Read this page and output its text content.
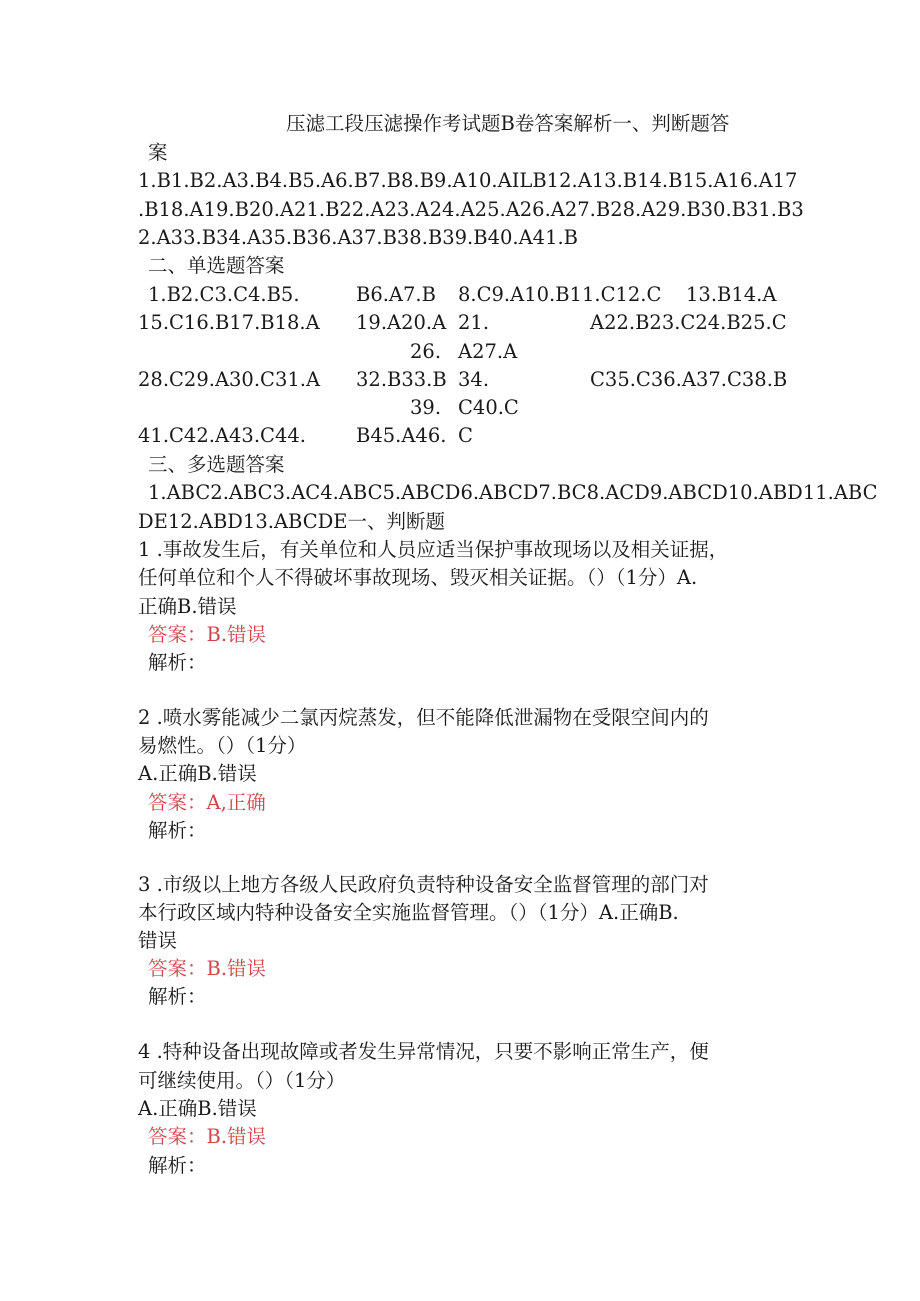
压滤工段压滤操作考试题B卷答案解析一、判断题答
案
1.B1.B2.A3.B4.B5.A6.B7.B8.B9.A10.AILB12.A13.B14.B15.A16.A17
.B18.A19.B20.A21.B22.A23.A24.A25.A26.A27.B28.A29.B30.B31.B3
2.A33.B34.A35.B36.A37.B38.B39.B40.A41.B
二、单选题答案
1.B2.C3.C4.B5.	B6.A7.B 8.C9.A10.B11.C12.C 13.B14.A
15.C16.B17.B18.A 19.A20.A 21.	A22.B23.C24.B25.C
26. A27.A
28.C29.A30.C31.A 32.B33.B 34.	C35.C36.A37.C38.B
39. C40.C
41.C42.A43.C44.	B45.A46. C
三、多选题答案
1.ABC2.ABC3.AC4.ABC5.ABCD6.ABCD7.BC8.ACD9.ABCD10.ABD11.ABC
DE12.ABD13.ABCDE一、判断题
1 .事故发生后，有关单位和人员应适当保护事故现场以及相关证据，
任何单位和个人不得破坏事故现场、毁灭相关证据。（）（1分）A.
正确B.错误
答案：B.错误
解析：
2 .喷水雾能减少二氯丙烷蒸发，但不能降低泄漏物在受限空间内的
易燃性。（）（1分）
A.正确B.错误
答案：A,正确
解析：
3 .市级以上地方各级人民政府负责特种设备安全监督管理的部门对
本行政区域内特种设备安全实施监督管理。（）（1分）A.正确B.
错误
答案：B.错误
解析：
4 .特种设备出现故障或者发生异常情况，只要不影响正常生产，便
可继续使用。（）（1分）
A.正确B.错误
答案：B.错误
解析：
